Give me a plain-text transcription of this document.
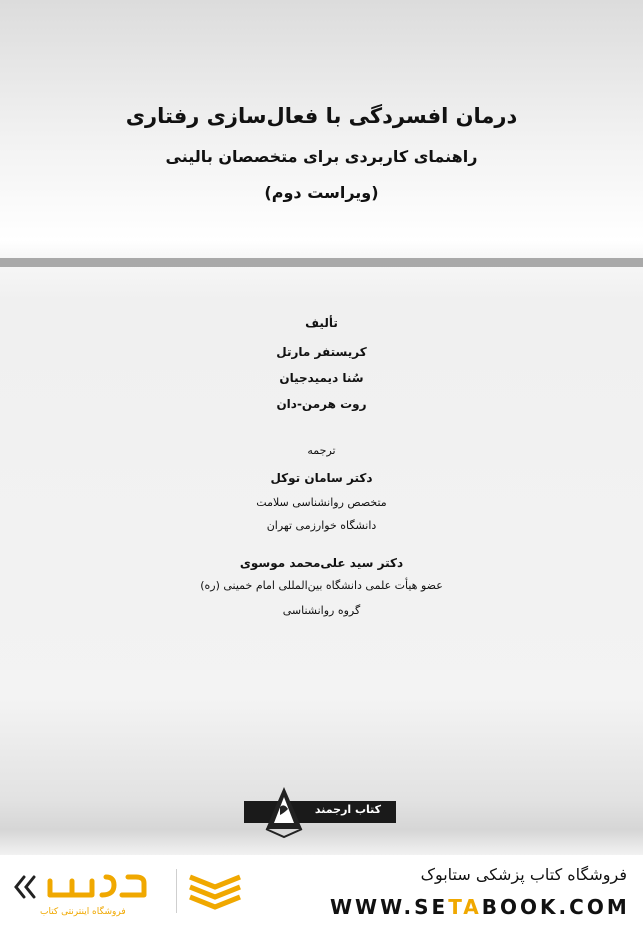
درمان افسردگی با فعال‌سازی رفتاری
راهنمای کاربردی برای متخصصان بالینی
(ویراست دوم)
تألیف
کریستفر مارتل
سُنا دیمیدجیان
روت هرمن-دان
ترجمه
دکتر سامان توکل
متخصص روانشناسی سلامت
دانشگاه خوارزمی تهران
دکتر سید علی‌محمد موسوی
عضو هیأت علمی دانشگاه بین‌المللی امام خمینی (ره)
گروه روانشناسی
کتاب ارجمند
فروشگاه اینترنتی کتاب
فروشگاه کتاب پزشکی ستابوک
WWW.SETABOOK.COM
